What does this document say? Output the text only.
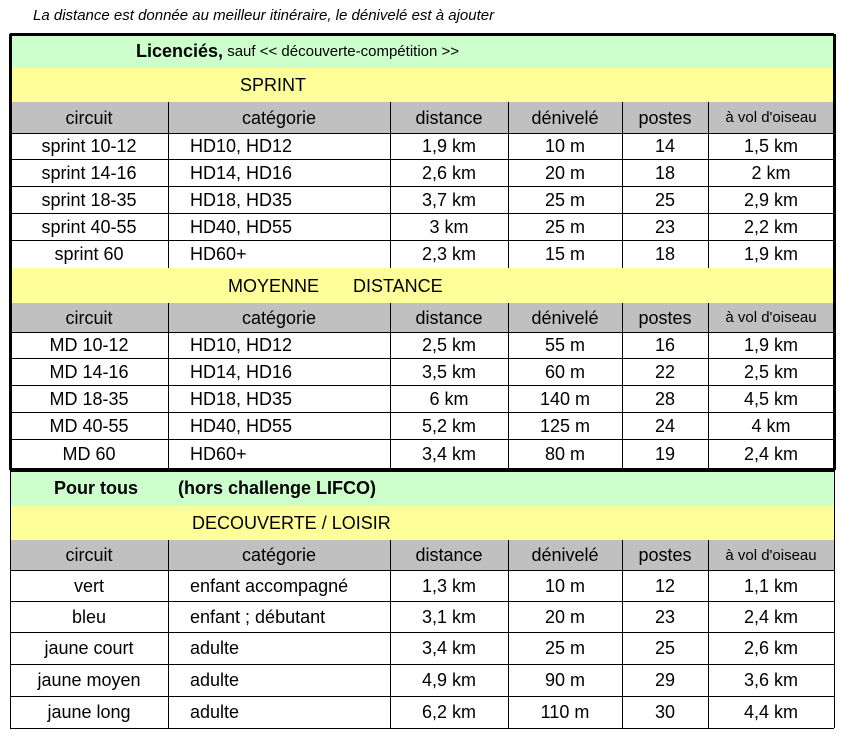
La distance est donnée au meilleur itinéraire, le dénivelé est à ajouter
Licenciés, sauf << découverte-compétition >>
SPRINT
circuit	catégorie	distance	dénivelé	postes	à vol d'oiseau
sprint 10-12	HD10, HD12	1,9 km	10 m	14	1,5 km
sprint 14-16	HD14, HD16	2,6 km	20 m	18	2 km
sprint 18-35	HD18, HD35	3,7 km	25 m	25	2,9 km
sprint 40-55	HD40, HD55	3 km	25 m	23	2,2 km
sprint 60	HD60+	2,3 km	15 m	18	1,9 km
MOYENNE DISTANCE
circuit	catégorie	distance	dénivelé	postes	à vol d'oiseau
MD 10-12	HD10, HD12	2,5 km	55 m	16	1,9 km
MD 14-16	HD14, HD16	3,5 km	60 m	22	2,5 km
MD 18-35	HD18, HD35	6 km	140 m	28	4,5 km
MD 40-55	HD40, HD55	5,2 km	125 m	24	4 km
MD 60	HD60+	3,4 km	80 m	19	2,4 km
Pour tous (hors challenge LIFCO)
DECOUVERTE / LOISIR
circuit	catégorie	distance	dénivelé	postes	à vol d'oiseau
vert	enfant accompagné	1,3 km	10 m	12	1,1 km
bleu	enfant ; débutant	3,1 km	20 m	23	2,4 km
jaune court	adulte	3,4 km	25 m	25	2,6 km
jaune moyen	adulte	4,9 km	90 m	29	3,6 km
jaune long	adulte	6,2 km	110 m	30	4,4 km
